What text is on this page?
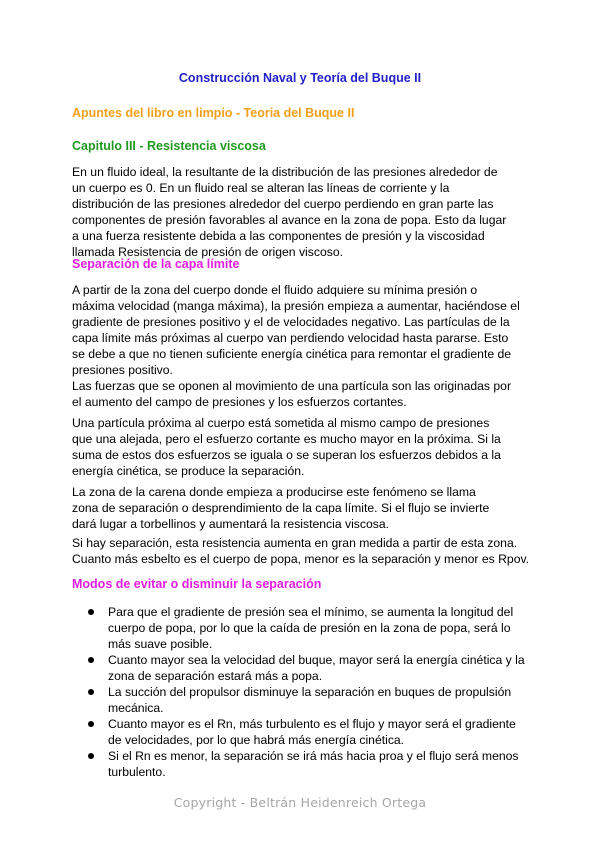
Construcción Naval y Teoría del Buque II
Apuntes del libro en limpio - Teoria del Buque II
Capitulo III - Resistencia viscosa
En un fluido ideal, la resultante de la distribución de las presiones alrededor de
un cuerpo es 0. En un fluido real se alteran las líneas de corriente y la
distribución de las presiones alrededor del cuerpo perdiendo en gran parte las
componentes de presión favorables al avance en la zona de popa. Esto da lugar
a una fuerza resistente debida a las componentes de presión y la viscosidad
llamada Resistencia de presión de origen viscoso.
Separación de la capa límite
A partir de la zona del cuerpo donde el fluido adquiere su mínima presión o
máxima velocidad (manga máxima), la presión empieza a aumentar, haciéndose el
gradiente de presiones positivo y el de velocidades negativo. Las partículas de la
capa límite más próximas al cuerpo van perdiendo velocidad hasta pararse. Esto
se debe a que no tienen suficiente energía cinética para remontar el gradiente de
presiones positivo.
Las fuerzas que se oponen al movimiento de una partícula son las originadas por
el aumento del campo de presiones y los esfuerzos cortantes.
Una partícula próxima al cuerpo está sometida al mismo campo de presiones
que una alejada, pero el esfuerzo cortante es mucho mayor en la próxima. Si la
suma de estos dos esfuerzos se iguala o se superan los esfuerzos debidos a la
energía cinética, se produce la separación.
La zona de la carena donde empieza a producirse este fenómeno se llama
zona de separación o desprendimiento de la capa límite. Si el flujo se invierte
dará lugar a torbellinos y aumentará la resistencia viscosa.
Si hay separación, esta resistencia aumenta en gran medida a partir de esta zona.
Cuanto más esbelto es el cuerpo de popa, menor es la separación y menor es Rpov.
Modos de evitar o disminuir la separación
Para que el gradiente de presión sea el mínimo, se aumenta la longitud del
cuerpo de popa, por lo que la caída de presión en la zona de popa, será lo
más suave posible.
Cuanto mayor sea la velocidad del buque, mayor será la energía cinética y la
zona de separación estará más a popa.
La succión del propulsor disminuye la separación en buques de propulsión
mecánica.
Cuanto mayor es el Rn, más turbulento es el flujo y mayor será el gradiente
de velocidades, por lo que habrá más energía cinética.
Si el Rn es menor, la separación se irá más hacia proa y el flujo será menos
turbulento.
Copyright - Beltrán Heidenreich Ortega
